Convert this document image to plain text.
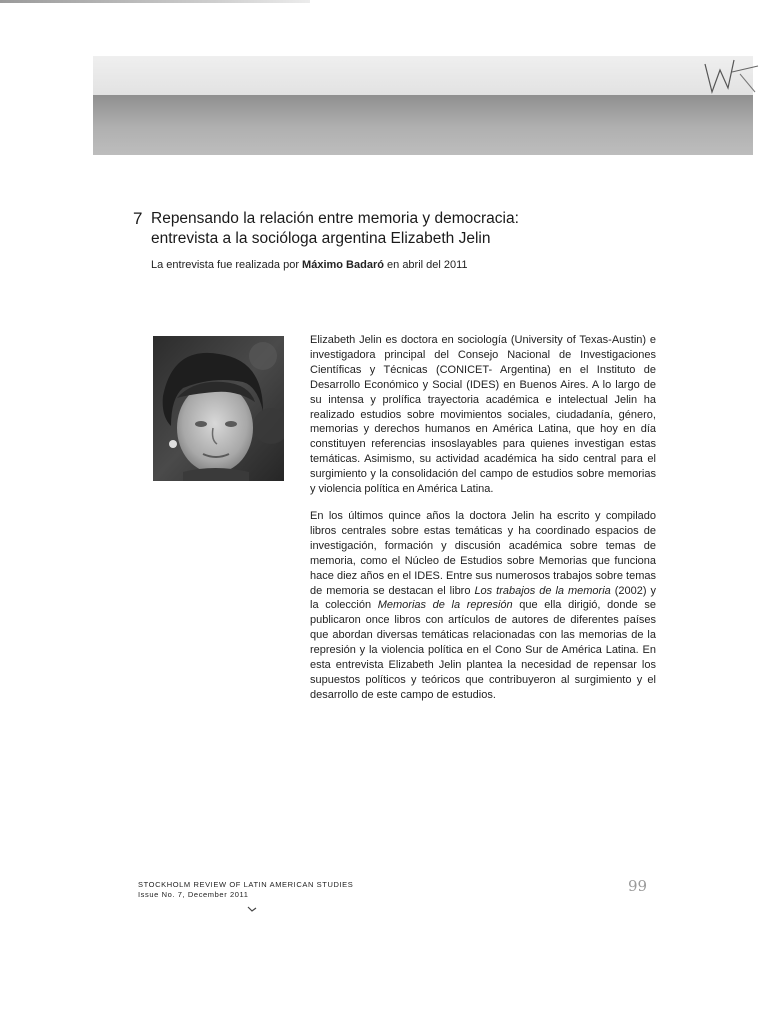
7 Repensando la relación entre memoria y democracia:
entrevista a la socióloga argentina Elizabeth Jelin
La entrevista fue realizada por Máximo Badaró en abril del 2011

Elizabeth Jelin es doctora en sociología (University of Texas-Austin) e investigadora principal del Consejo Nacional de Investigaciones Científicas y Técnicas (CONICET- Argentina) en el Instituto de Desarrollo Económico y Social (IDES) en Buenos Aires. A lo largo de su intensa y prolífica trayectoria académica e intelectual Jelin ha realizado estudios sobre movimientos sociales, ciudadanía, género, memorias y derechos humanos en América Latina, que hoy en día constituyen referencias insoslayables para quienes investigan estas temáticas. Asimismo, su actividad académica ha sido central para el surgimiento y la consolidación del campo de estudios sobre memorias y violencia política en América Latina.

En los últimos quince años la doctora Jelin ha escrito y compilado libros centrales sobre estas temáticas y ha coordinado espacios de investigación, formación y discusión académica sobre temas de memoria, como el Núcleo de Estudios sobre Memorias que funciona hace diez años en el IDES. Entre sus numerosos trabajos sobre temas de memoria se destacan el libro Los trabajos de la memoria (2002) y la colección Memorias de la represión que ella dirigió, donde se publicaron once libros con artículos de autores de diferentes países que abordan diversas temáticas relacionadas con las memorias de la represión y la violencia política en el Cono Sur de América Latina. En esta entrevista Elizabeth Jelin plantea la necesidad de repensar los supuestos políticos y teóricos que contribuyeron al surgimiento y el desarrollo de este campo de estudios.

STOCKHOLM REVIEW OF LATIN AMERICAN STUDIES
Issue No. 7, December 2011	99
